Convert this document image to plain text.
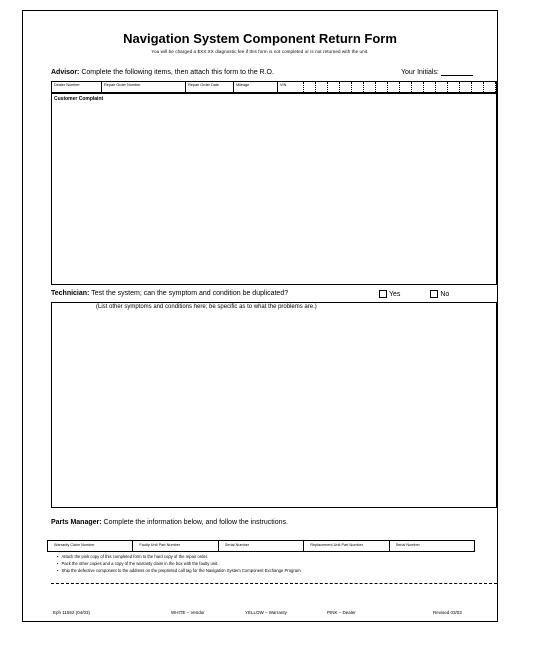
Navigation System Component Return Form
You will be charged a $XX.XX diagnostic fee if this form is not completed or is not returned with the unit.
Advisor: Complete the following items, then attach this form to the R.O.	Your Initials:
Dealer Number	Repair Order Number	Repair Order Date	Mileage	VIN
Customer Complaint
Technician: Test the system; can the symptom and condition be duplicated?	Yes	No
(List other symptoms and conditions here; be specific as to what the problems are.)
Parts Manager: Complete the information below, and follow the instructions.
Warranty Claim Number	Faulty Unit Part Number	Serial Number	Replacement Unit Part Number	Serial Number
▪ Attach the pink copy of this completed form to the hard copy of the repair order.
▪ Pack the other copies and a copy of the warranty claim in the box with the faulty unit.
▪ Ship the defective component to the address on the preprinted call tag for the Navigation System Component Exchange Program.
Eph 11552 (04/03)	WHITE – Vendor	YELLOW – Warranty	PINK – Dealer	Revised 03/03
